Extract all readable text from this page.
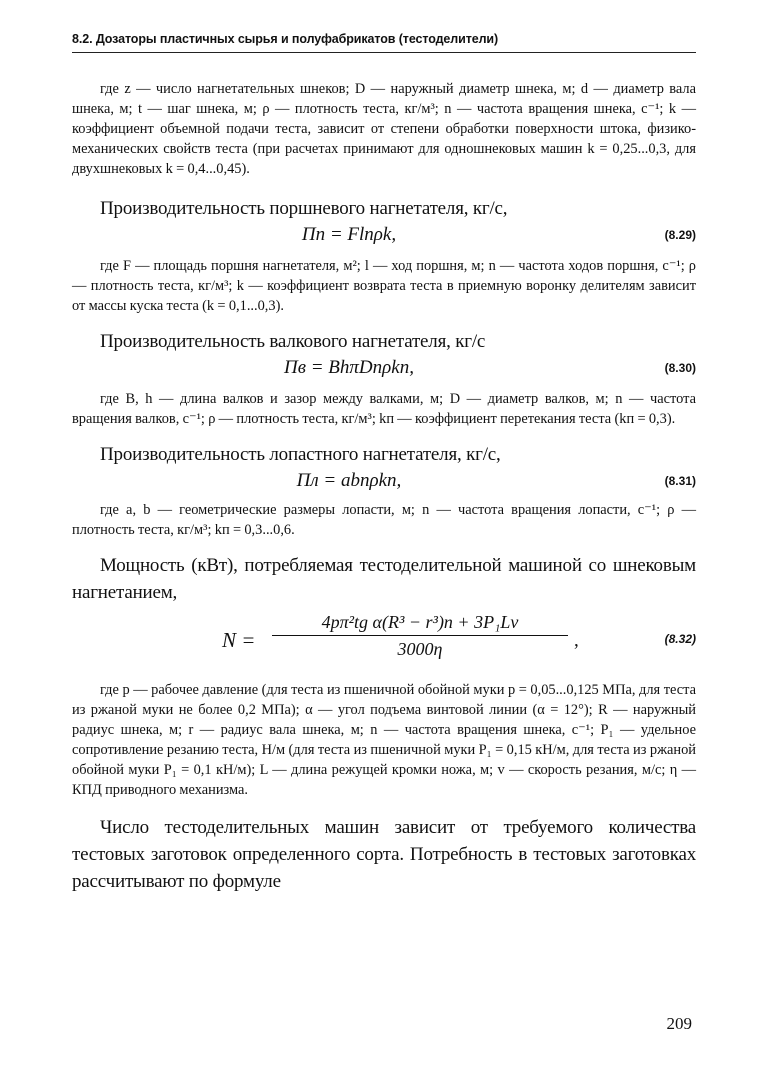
8.2. Дозаторы пластичных сырья и полуфабрикатов (тестоделители)

где z — число нагнетательных шнеков; D — наружный диаметр шнека, м; d — диаметр вала шнека, м; t — шаг шнека, м; ρ — плотность теста, кг/м³; n — частота вращения шнека, с⁻¹; k — коэффициент объемной подачи теста, зависит от степени обработки поверхности штока, физико-механических свойств теста (при расчетах принимают для одношнековых машин k = 0,25...0,3, для двухшнековых k = 0,4...0,45).

Производительность поршневого нагнетателя, кг/с,

Пп = Flnρk,	(8.29)

где F — площадь поршня нагнетателя, м²; l — ход поршня, м; n — частота ходов поршня, с⁻¹; ρ — плотность теста, кг/м³; k — коэффициент возврата теста в приемную воронку делителям зависит от массы куска теста (k = 0,1...0,3).

Производительность валкового нагнетателя, кг/с

Пв = BhπDnρkп,	(8.30)

где B, h — длина валков и зазор между валками, м; D — диаметр валков, м; n — частота вращения валков, с⁻¹; ρ — плотность теста, кг/м³; kп — коэффициент перетекания теста (kп = 0,3).

Производительность лопастного нагнетателя, кг/с,

Пл = abnρkп,	(8.31)

где a, b — геометрические размеры лопасти, м; n — частота вращения лопасти, с⁻¹; ρ — плотность теста, кг/м³; kп = 0,3...0,6.

Мощность (кВт), потребляемая тестоделительной машиной со шнековым нагнетанием,

$N = \frac{\text{4pπ²tg α(R³ − r³)n + 3P₁Lv}}{3000\eta}$ ,	(8.32)

где p — рабочее давление (для теста из пшеничной обойной муки p = 0,05...0,125 МПа, для теста из ржаной муки не более 0,2 МПа); α — угол подъема винтовой линии (α = 12°); R — наружный радиус шнека, м; r — радиус вала шнека, м; n — частота вращения шнека, с⁻¹; P₁ — удельное сопротивление резанию теста, Н/м (для теста из пшеничной муки P₁ = 0,15 кН/м, для теста из ржаной обойной муки P₁ = 0,1 кН/м); L — длина режущей кромки ножа, м; v — скорость резания, м/с; η — КПД приводного механизма.

Число тестоделительных машин зависит от требуемого количества тестовых заготовок определенного сорта. Потребность в тестовых заготовках рассчитывают по формуле

209
